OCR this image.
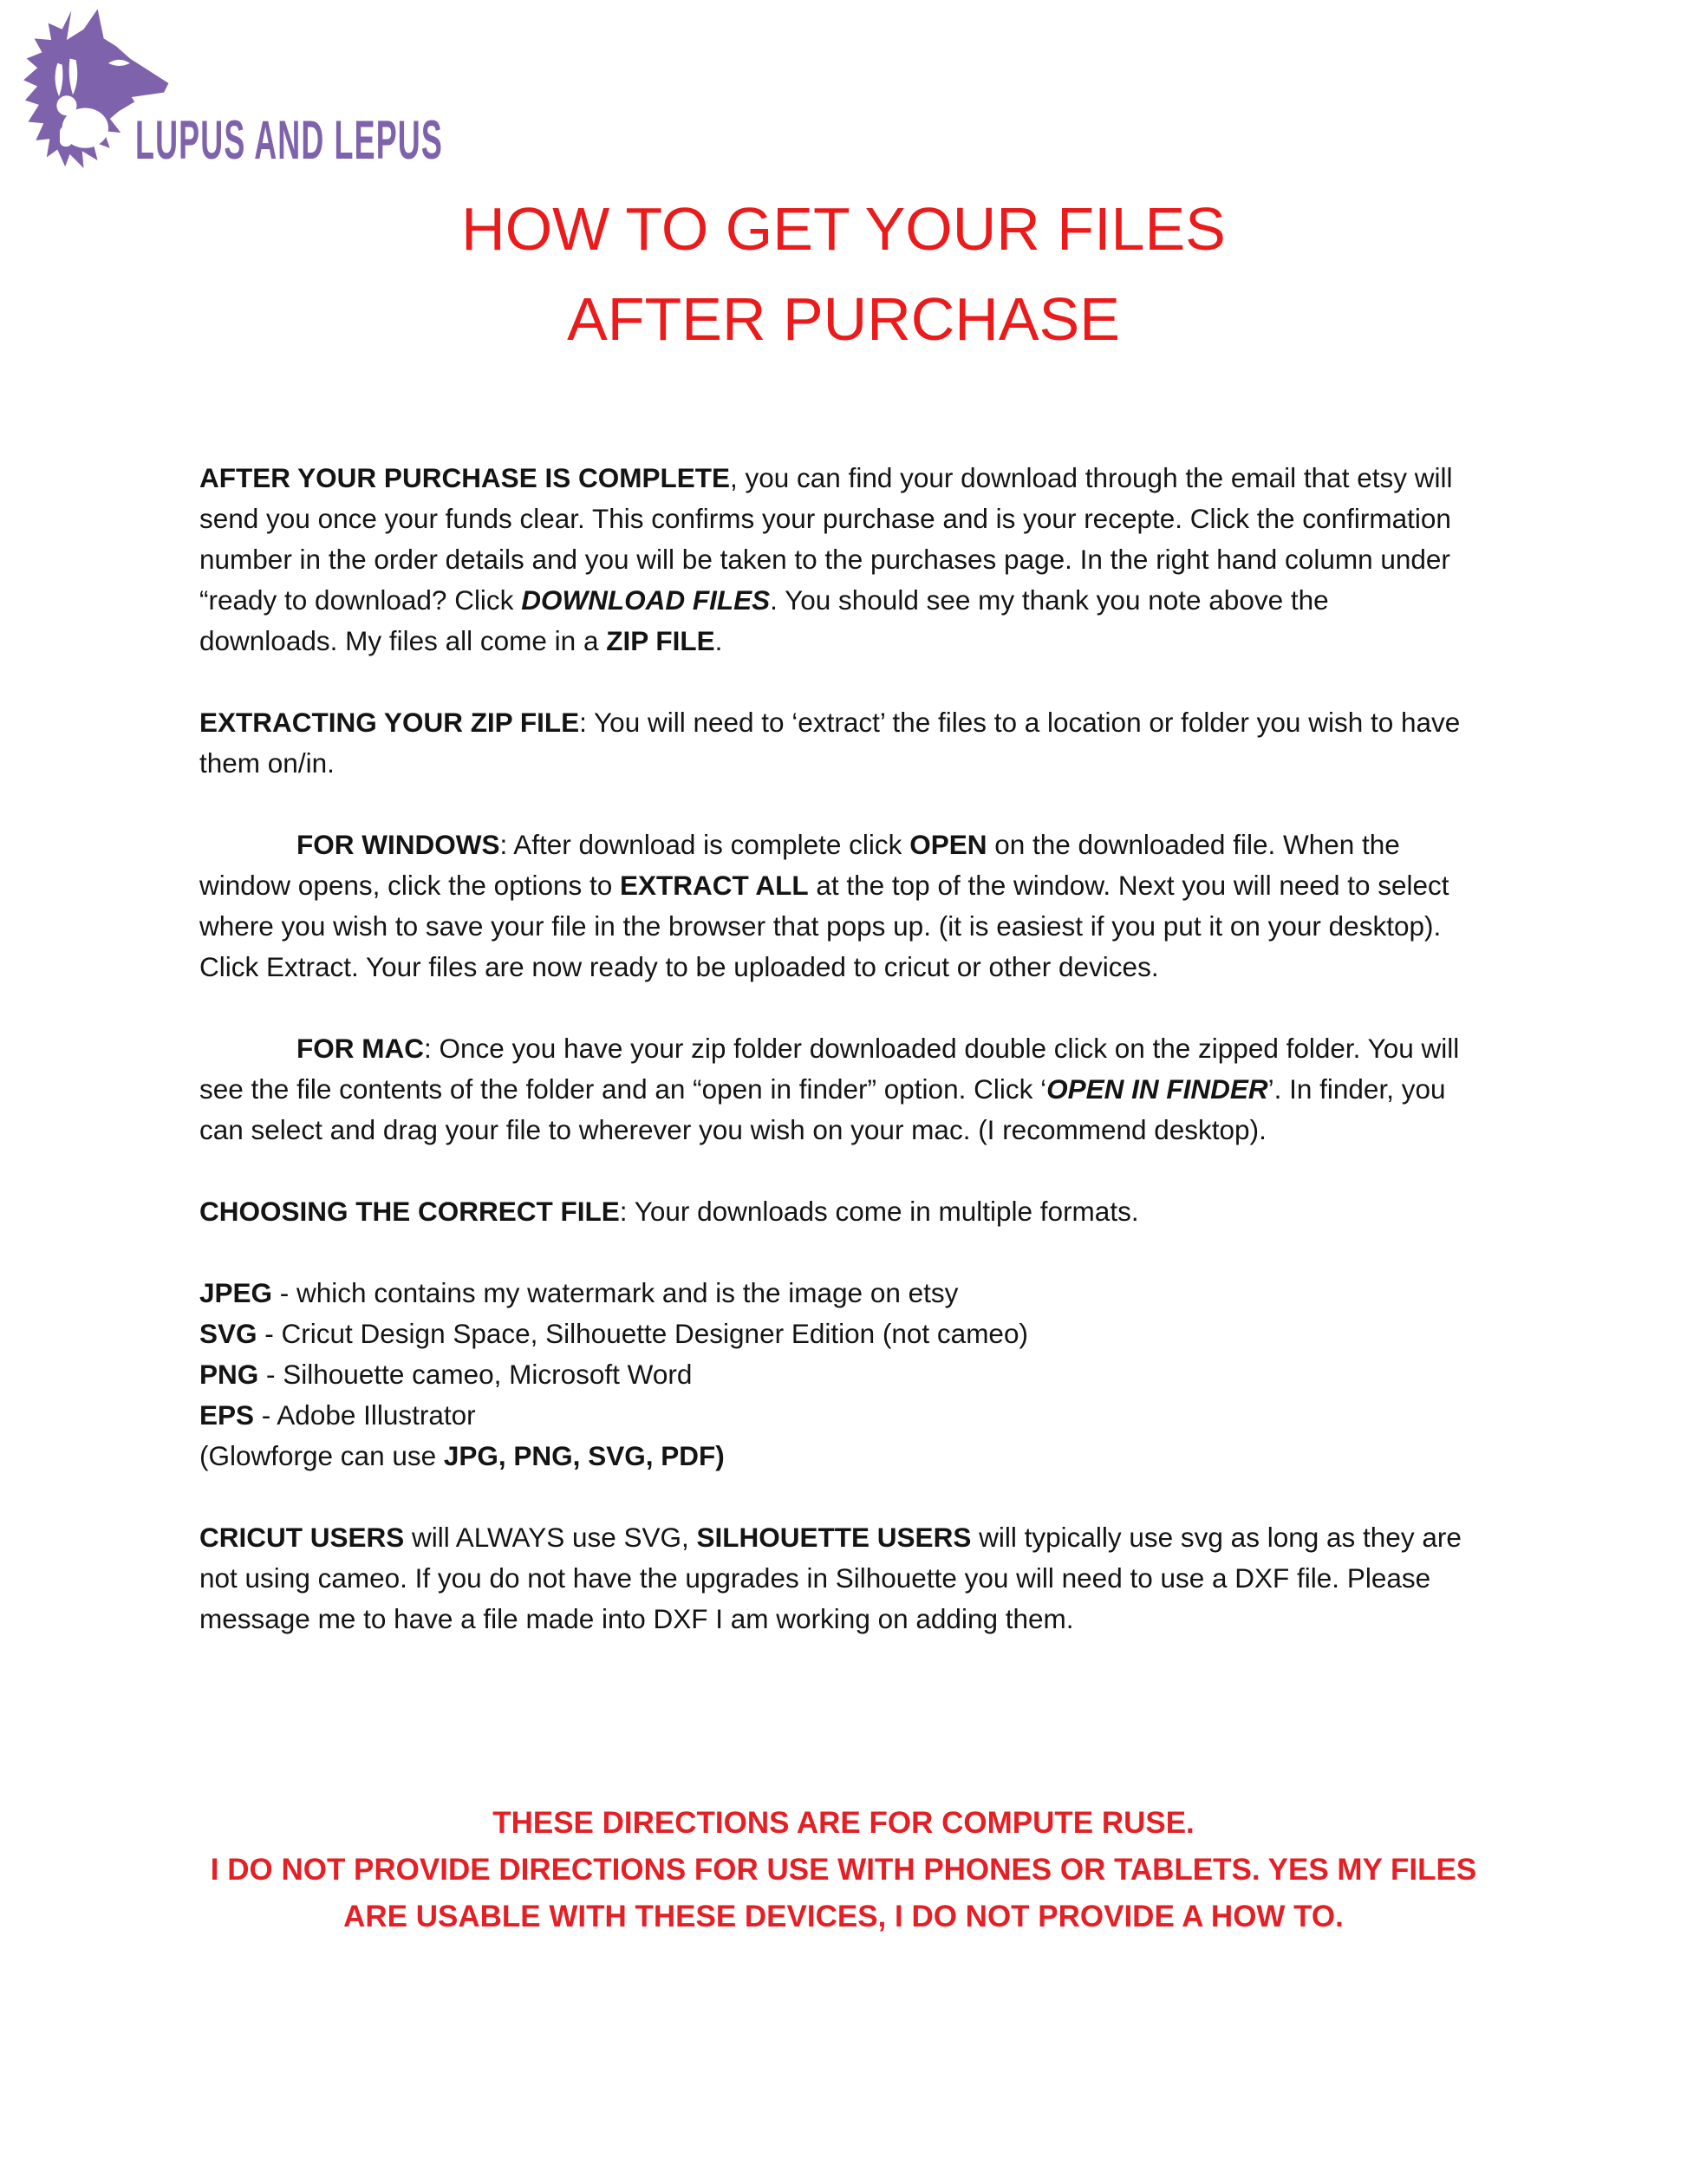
LUPUS AND LEPUS
HOW TO GET YOUR FILES
AFTER PURCHASE

AFTER YOUR PURCHASE IS COMPLETE, you can find your download through the email that etsy will send you once your funds clear. This confirms your purchase and is your recepte. Click the confirmation number in the order details and you will be taken to the purchases page. In the right hand column under “ready to download? Click DOWNLOAD FILES. You should see my thank you note above the downloads. My files all come in a ZIP FILE.

EXTRACTING YOUR ZIP FILE: You will need to ‘extract’ the files to a location or folder you wish to have them on/in.

FOR WINDOWS: After download is complete click OPEN on the downloaded file. When the window opens, click the options to EXTRACT ALL at the top of the window. Next you will need to select where you wish to save your file in the browser that pops up. (it is easiest if you put it on your desktop). Click Extract. Your files are now ready to be uploaded to cricut or other devices.

FOR MAC: Once you have your zip folder downloaded double click on the zipped folder. You will see the file contents of the folder and an “open in finder” option. Click ‘OPEN IN FINDER’. In finder, you can select and drag your file to wherever you wish on your mac. (I recommend desktop).

CHOOSING THE CORRECT FILE: Your downloads come in multiple formats.

JPEG - which contains my watermark and is the image on etsy

SVG - Cricut Design Space, Silhouette Designer Edition (not cameo)

PNG - Silhouette cameo, Microsoft Word

EPS - Adobe Illustrator

(Glowforge can use JPG, PNG, SVG, PDF)

CRICUT USERS will ALWAYS use SVG, SILHOUETTE USERS will typically use svg as long as they are not using cameo. If you do not have the upgrades in Silhouette you will need to use a DXF file. Please message me to have a file made into DXF I am working on adding them.

THESE DIRECTIONS ARE FOR COMPUTE RUSE.
I DO NOT PROVIDE DIRECTIONS FOR USE WITH PHONES OR TABLETS. YES MY FILES
ARE USABLE WITH THESE DEVICES, I DO NOT PROVIDE A HOW TO.
